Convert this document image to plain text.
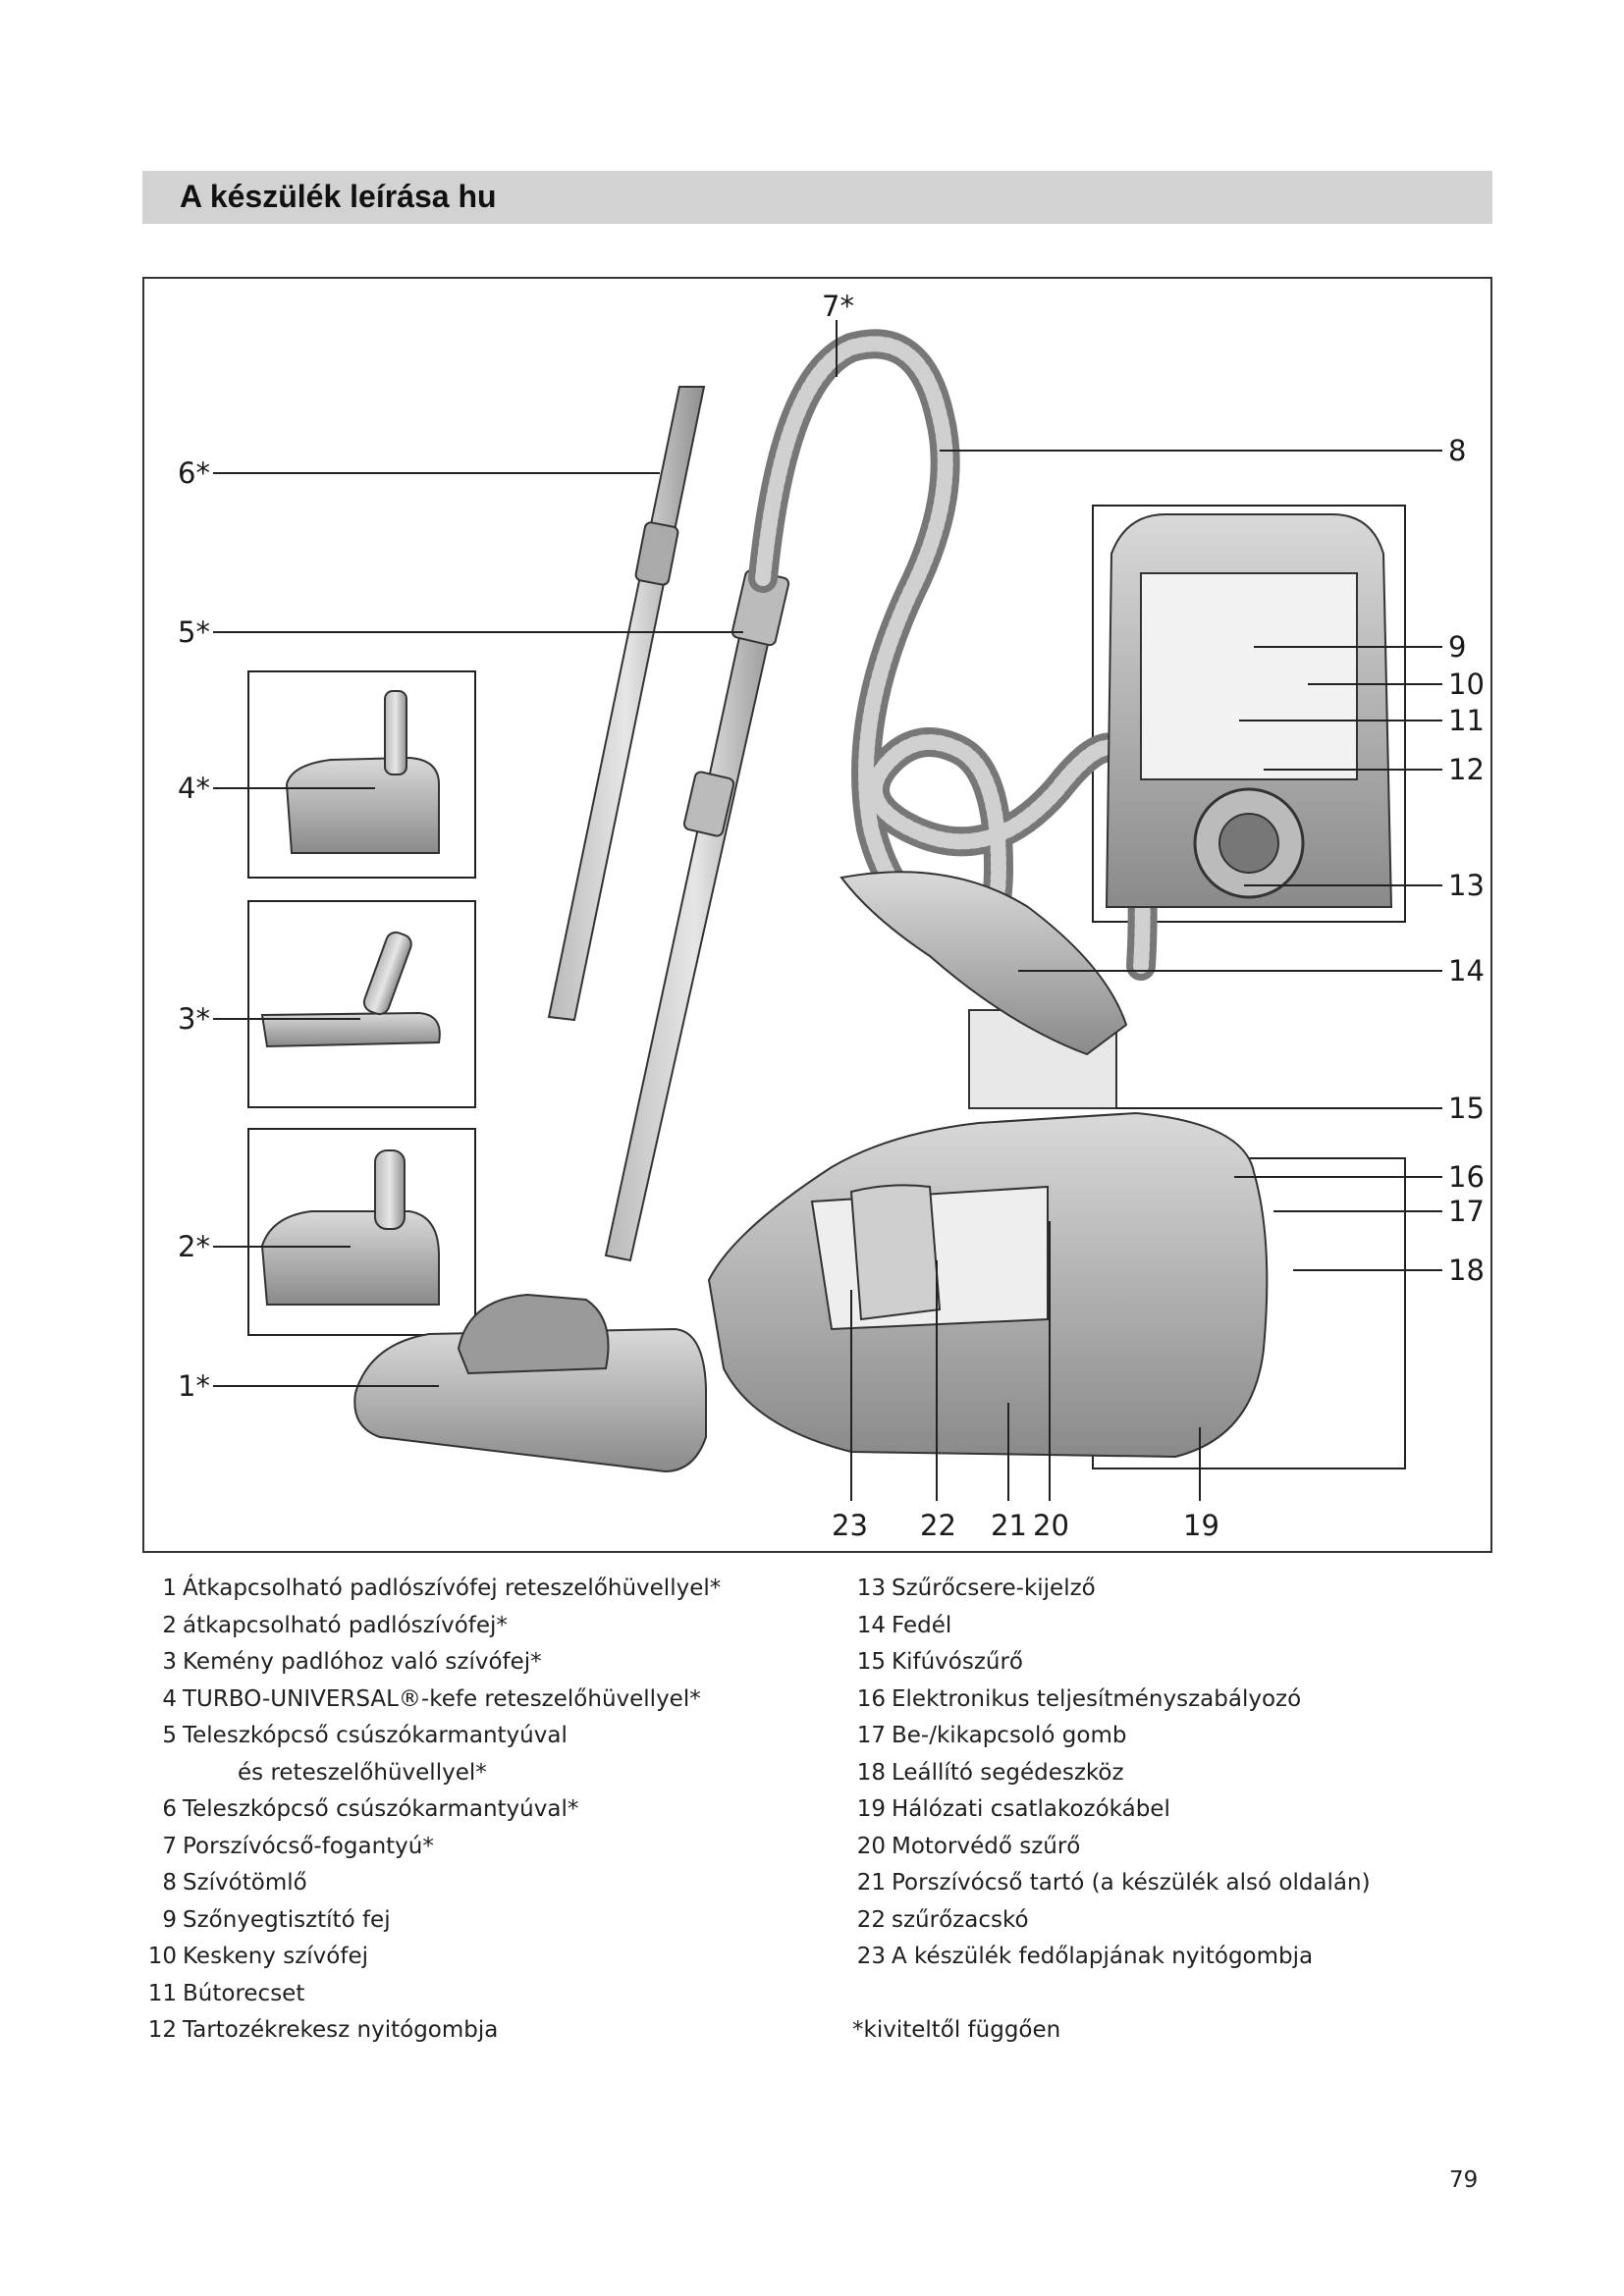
A készülék leírása hu
6*
5*
4*
3*
2*
1*
7*
8
9
10
11
12
13
14
15
16
17
18
19
20
21
22
23
1 Átkapcsolható padlószívófej reteszelőhüvellyel*
2 átkapcsolható padlószívófej*
3 Kemény padlóhoz való szívófej*
4 TURBO-UNIVERSAL®-kefe reteszelőhüvellyel*
5 Teleszkópcső csúszókarmantyúval
és reteszelőhüvellyel*
6 Teleszkópcső csúszókarmantyúval*
7 Porszívócső-fogantyú*
8 Szívótömlő
9 Szőnyegtisztító fej
10 Keskeny szívófej
11 Bútorecset
12 Tartozékrekesz nyitógombja
13 Szűrőcsere-kijelző
14 Fedél
15 Kifúvószűrő
16 Elektronikus teljesítményszabályozó
17 Be-/kikapcsoló gomb
18 Leállító segédeszköz
19 Hálózati csatlakozókábel
20 Motorvédő szűrő
21 Porszívócső tartó (a készülék alsó oldalán)
22 szűrőzacskó
23 A készülék fedőlapjának nyitógombja
*kiviteltől függően
79
